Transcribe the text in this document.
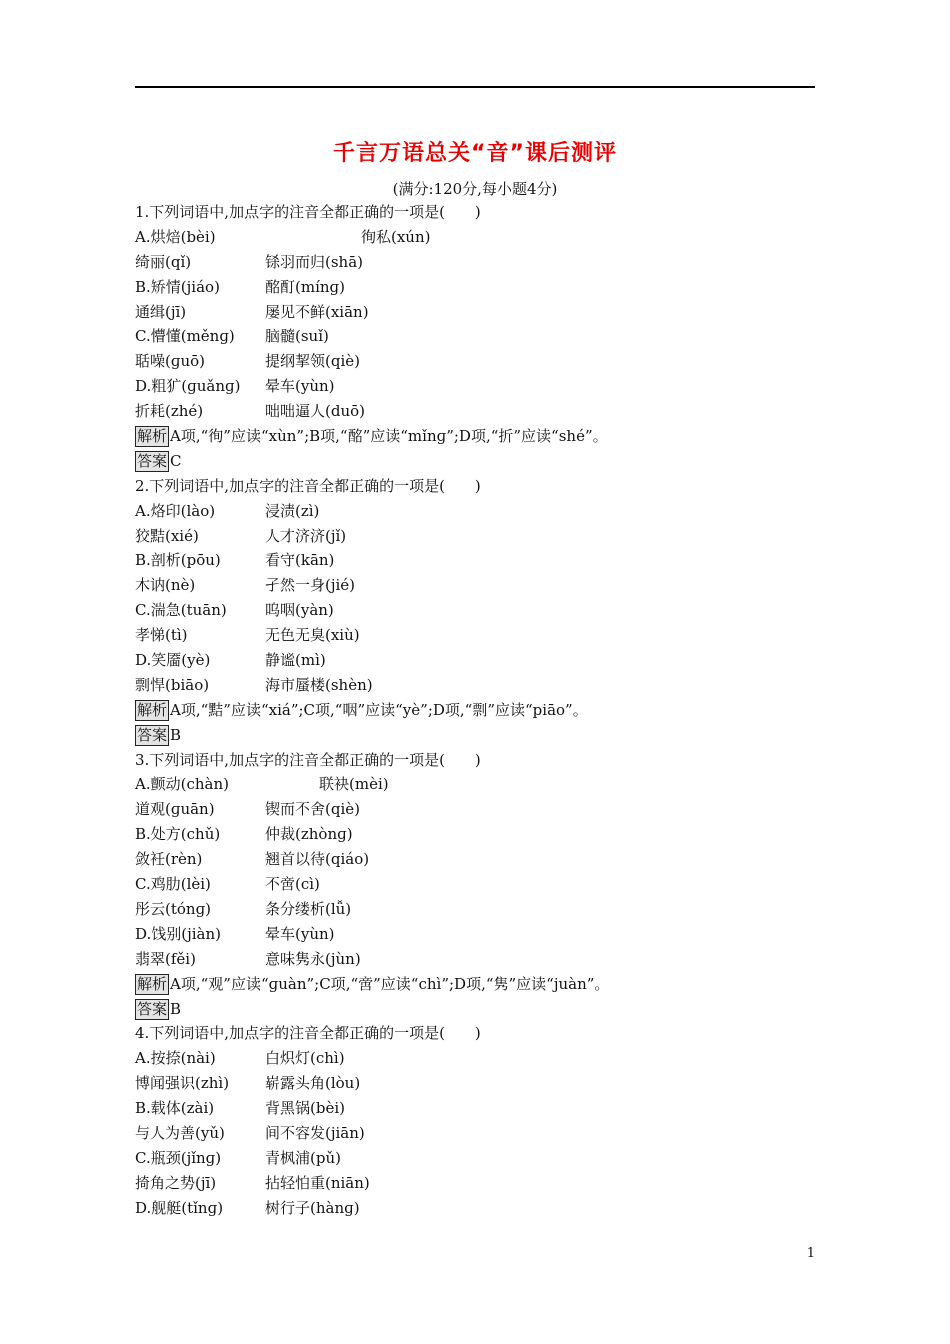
千言万语总关“音”课后测评
(满分:120分,每小题4分)
1.下列词语中,加点字的注音全都正确的一项是(　　)
A.烘焙(bèi)	徇私(xún)
绮丽(qǐ)	铩羽而归(shā)
B.矫情(jiáo)	酩酊(mínɡ)
通缉(jī)	屡见不鲜(xiān)
C.懵懂(měnɡ) 脑髓(suǐ)
聒噪(ɡuō)	提纲挈领(qiè)
D.粗犷(ɡuǎnɡ) 晕车(yùn)
折耗(zhé)	咄咄逼人(duō)
解析 A项,“徇”应读“xùn”;B项,“酩”应读“mǐnɡ”;D项,“折”应读“shé”。
答案 C
2.下列词语中,加点字的注音全都正确的一项是(　　)
A.烙印(lào)	浸渍(zì)
狡黠(xié)	人才济济(jǐ)
B.剖析(pōu)	看守(kān)
木讷(nè)	孑然一身(jié)
C.湍急(tuān)	呜咽(yàn)
孝悌(tì)	无色无臭(xiù)
D.笑靥(yè)	静谧(mì)
剽悍(biāo)	海市蜃楼(shèn)
解析 A项,“黠”应读“xiá”;C项,“咽”应读“yè”;D项,“剽”应读“piāo”。
答案 B
3.下列词语中,加点字的注音全都正确的一项是(　　)
A.颤动(chàn)	联袂(mèi)
道观(ɡuān)	锲而不舍(qiè)
B.处方(chǔ)	仲裁(zhònɡ)
敛衽(rèn)	翘首以待(qiáo)
C.鸡肋(lèi)	不啻(cì)
彤云(tónɡ)	条分缕析(lǚ)
D.饯别(jiàn)	晕车(yùn)
翡翠(fěi)	意味隽永(jùn)
解析 A项,“观”应读“ɡuàn”;C项,“啻”应读“chì”;D项,“隽”应读“juàn”。
答案 B
4.下列词语中,加点字的注音全都正确的一项是(　　)
A.按捺(nài)	白炽灯(chì)
博闻强识(zhì) 崭露头角(lòu)
B.载体(zài)	背黑锅(bèi)
与人为善(yǔ)	间不容发(jiān)
C.瓶颈(jǐnɡ)	青枫浦(pǔ)
掎角之势(jī)	拈轻怕重(niān)
D.舰艇(tǐnɡ)	树行子(hànɡ)
1
